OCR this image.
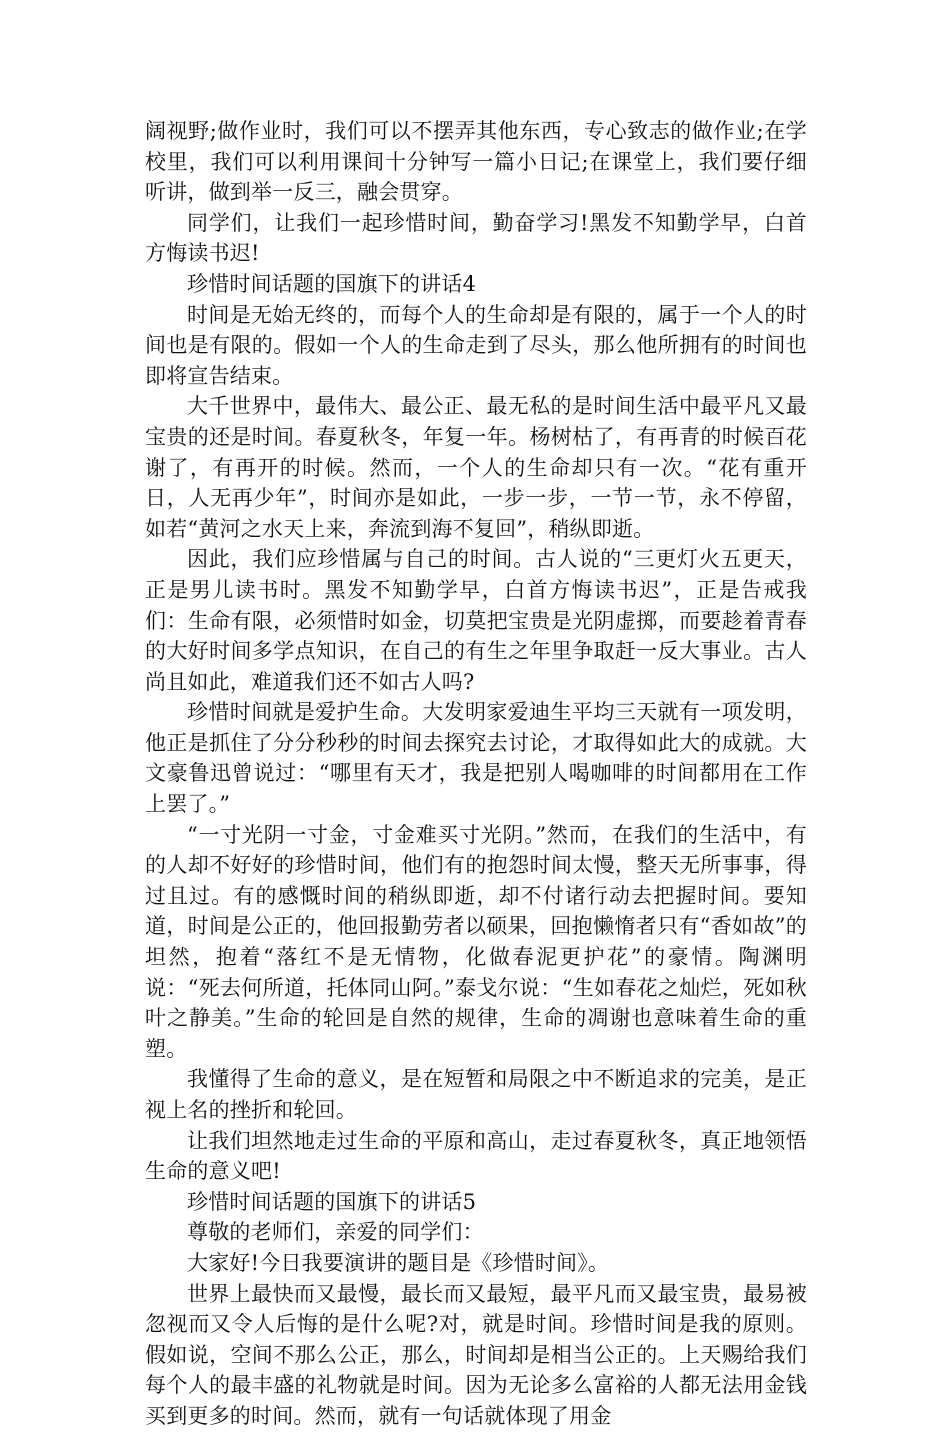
阔视野;做作业时，我们可以不摆弄其他东西，专心致志的做作业;在学校里，我们可以利用课间十分钟写一篇小日记;在课堂上，我们要仔细听讲，做到举一反三，融会贯穿。

同学们，让我们一起珍惜时间，勤奋学习!黑发不知勤学早，白首方悔读书迟!

珍惜时间话题的国旗下的讲话4

时间是无始无终的，而每个人的生命却是有限的，属于一个人的时间也是有限的。假如一个人的生命走到了尽头，那么他所拥有的时间也即将宣告结束。

大千世界中，最伟大、最公正、最无私的是时间生活中最平凡又最宝贵的还是时间。春夏秋冬，年复一年。杨树枯了，有再青的时候百花谢了，有再开的时候。然而，一个人的生命却只有一次。“花有重开日，人无再少年”，时间亦是如此，一步一步，一节一节，永不停留，如若“黄河之水天上来，奔流到海不复回”，稍纵即逝。

因此，我们应珍惜属与自己的时间。古人说的“三更灯火五更天，正是男儿读书时。黑发不知勤学早，白首方悔读书迟”，正是告戒我们：生命有限，必须惜时如金，切莫把宝贵是光阴虚掷，而要趁着青春的大好时间多学点知识，在自己的有生之年里争取赶一反大事业。古人尚且如此，难道我们还不如古人吗?

珍惜时间就是爱护生命。大发明家爱迪生平均三天就有一项发明，他正是抓住了分分秒秒的时间去探究去讨论，才取得如此大的成就。大文豪鲁迅曾说过：“哪里有天才，我是把别人喝咖啡的时间都用在工作上罢了。”

“一寸光阴一寸金，寸金难买寸光阴。”然而，在我们的生活中，有的人却不好好的珍惜时间，他们有的抱怨时间太慢，整天无所事事，得过且过。有的感慨时间的稍纵即逝，却不付诸行动去把握时间。要知道，时间是公正的，他回报勤劳者以硕果，回抱懒惰者只有“香如故”的坦然，抱着“落红不是无情物，化做春泥更护花”的豪情。陶渊明说：“死去何所道，托体同山阿。”泰戈尔说：“生如春花之灿烂，死如秋叶之静美。”生命的轮回是自然的规律，生命的凋谢也意味着生命的重塑。

我懂得了生命的意义，是在短暂和局限之中不断追求的完美，是正视上名的挫折和轮回。

让我们坦然地走过生命的平原和高山，走过春夏秋冬，真正地领悟生命的意义吧!

珍惜时间话题的国旗下的讲话5

尊敬的老师们，亲爱的同学们：

大家好!今日我要演讲的题目是《珍惜时间》。

世界上最快而又最慢，最长而又最短，最平凡而又最宝贵，最易被忽视而又令人后悔的是什么呢?对，就是时间。珍惜时间是我的原则。假如说，空间不那么公正，那么，时间却是相当公正的。上天赐给我们每个人的最丰盛的礼物就是时间。因为无论多么富裕的人都无法用金钱买到更多的时间。然而，就有一句话就体现了用金
